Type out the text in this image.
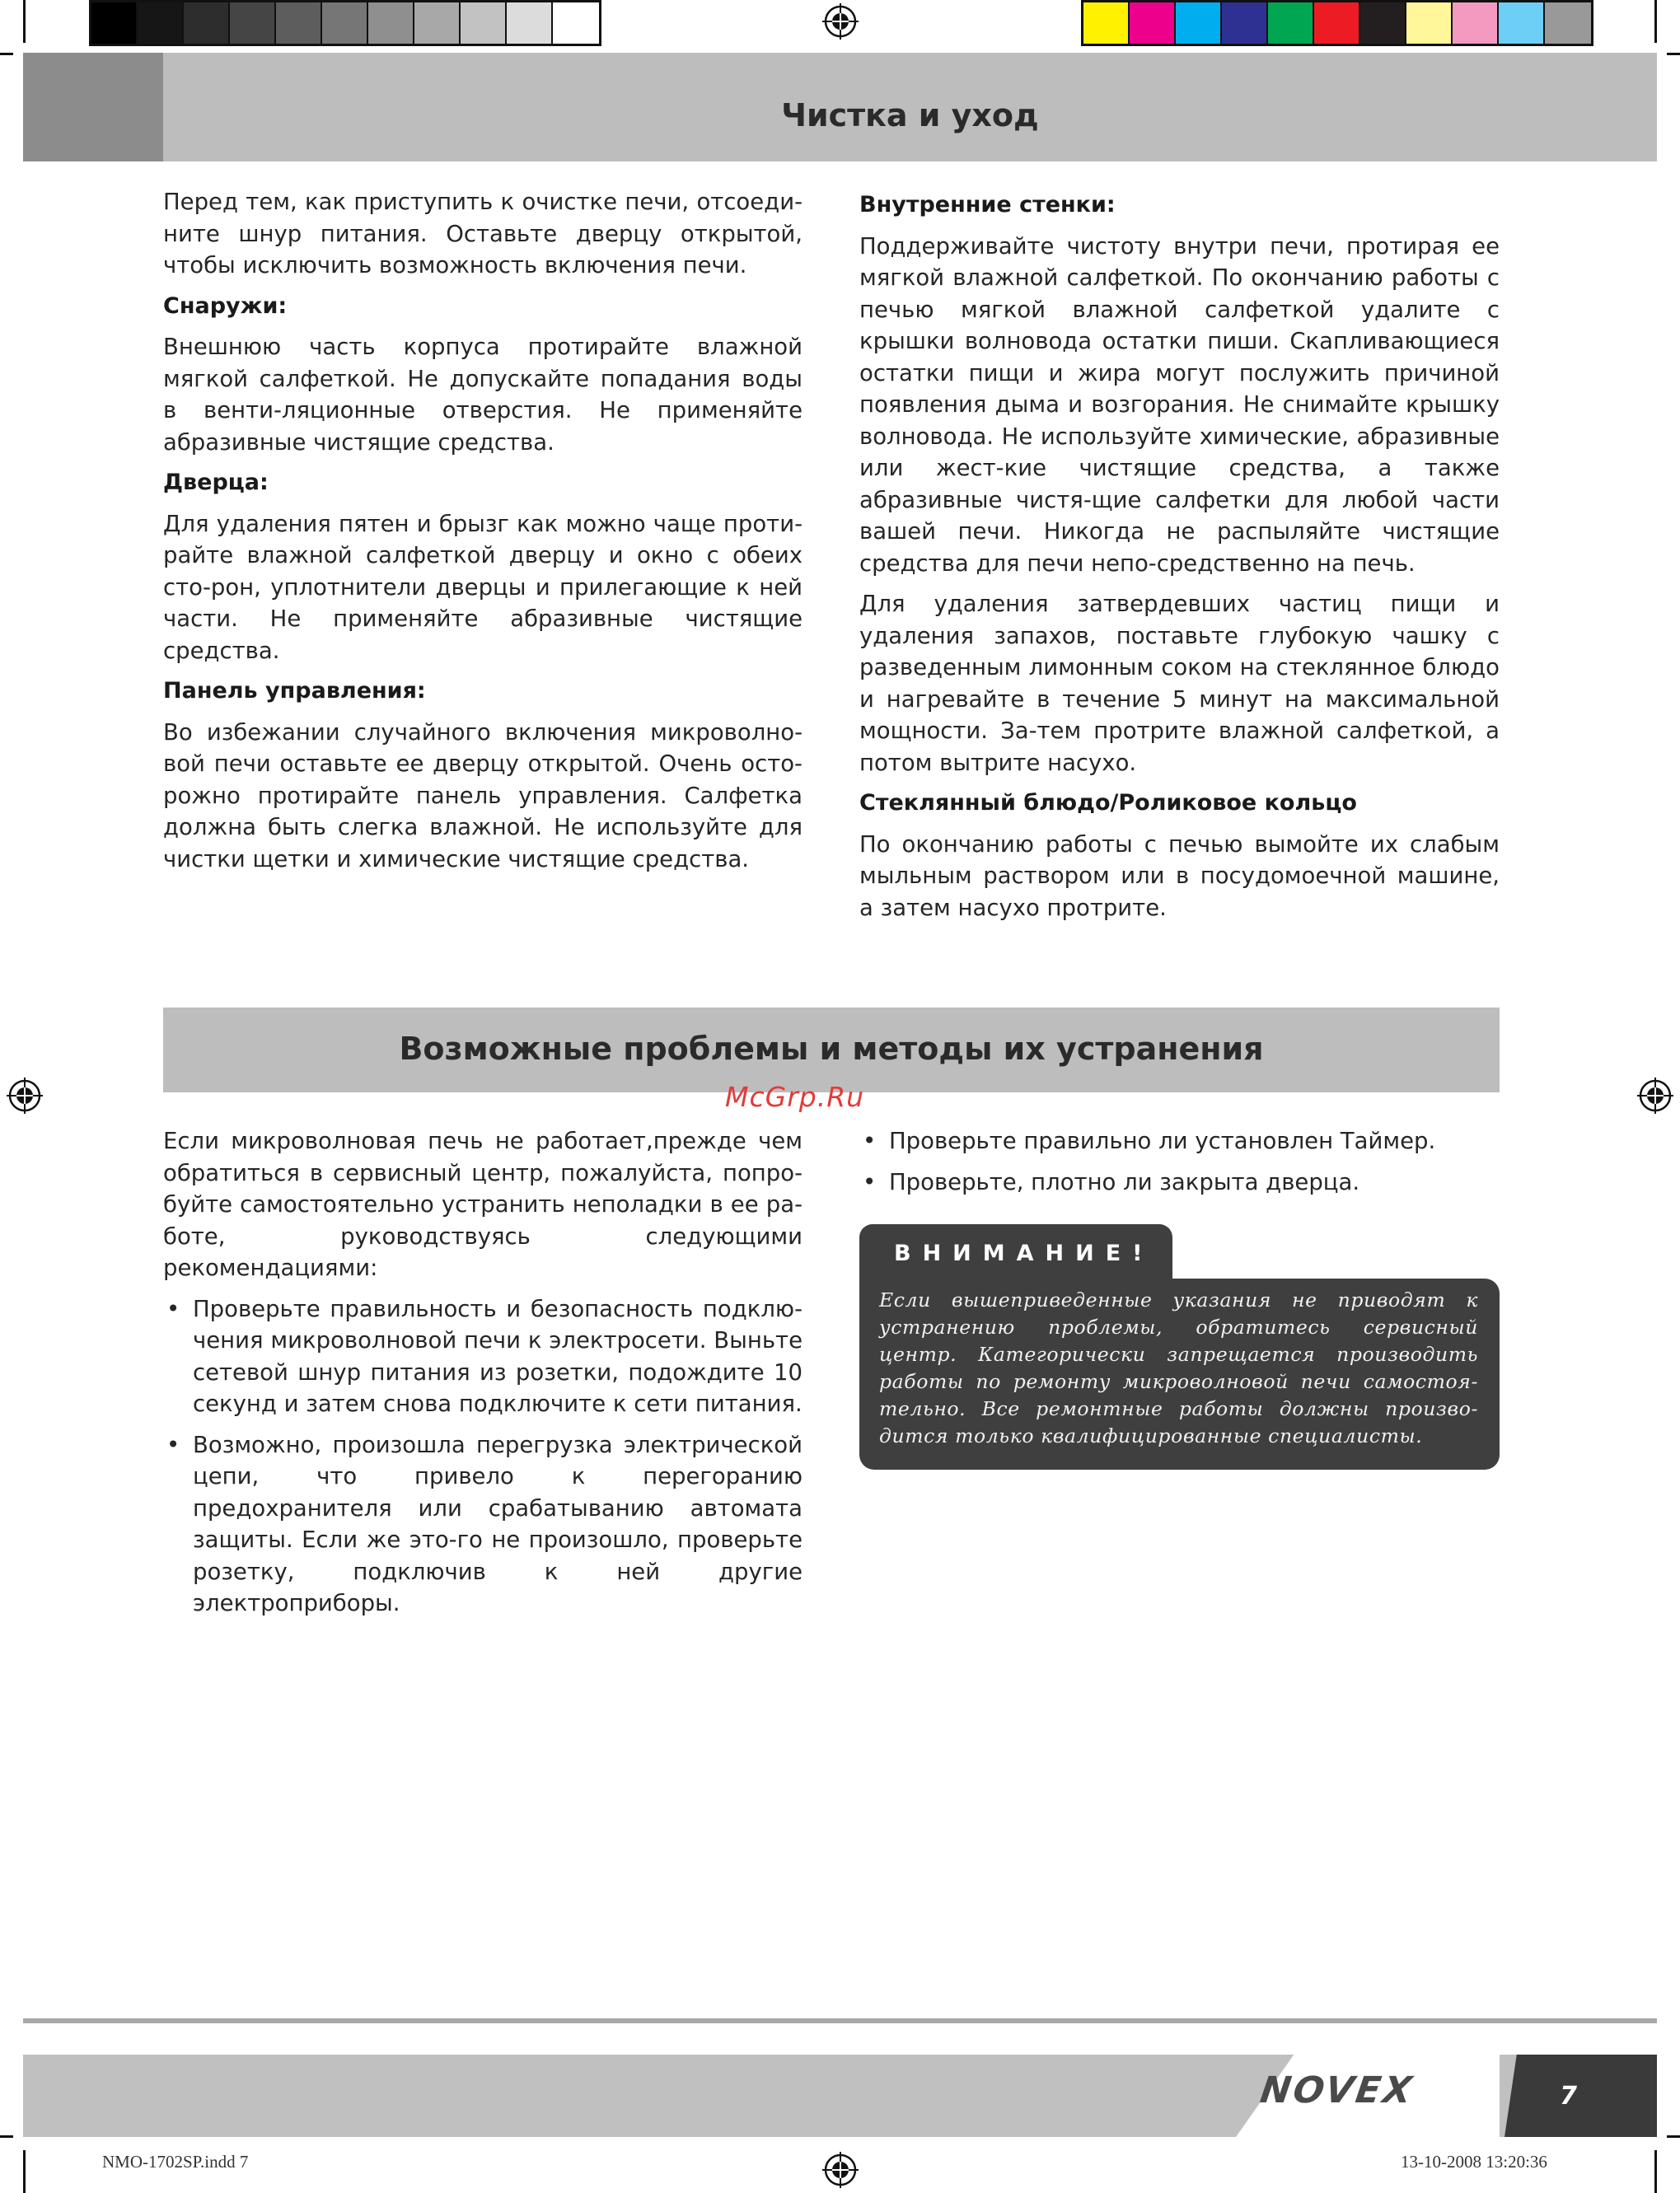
Чистка и уход

Перед тем, как приступить к очистке печи, отсоеди-ните шнур питания. Оставьте дверцу открытой, чтобы исключить возможность включения печи.

Снаружи:

Внешнюю часть корпуса протирайте влажной мягкой салфеткой. Не допускайте попадания воды в венти-ляционные отверстия. Не применяйте абразивные чистящие средства.

Дверца:

Для удаления пятен и брызг как можно чаще проти-райте влажной салфеткой дверцу и окно с обеих сто-рон, уплотнители дверцы и прилегающие к ней части. Не применяйте абразивные чистящие средства.

Панель управления:

Во избежании случайного включения микроволно-вой печи оставьте ее дверцу открытой. Очень осто-рожно протирайте панель управления. Салфетка должна быть слегка влажной. Не используйте для чистки щетки и химические чистящие средства.

Внутренние стенки:

Поддерживайте чистоту внутри печи, протирая ее мягкой влажной салфеткой. По окончанию работы с печью мягкой влажной салфеткой удалите с крышки волновода остатки пиши. Скапливающиеся остатки пищи и жира могут послужить причиной появления дыма и возгорания. Не снимайте крышку волновода. Не используйте химические, абразивные или жест-кие чистящие средства, а также абразивные чистя-щие салфетки для любой части вашей печи. Никогда не распыляйте чистящие средства для печи непо-средственно на печь.

Для удаления затвердевших частиц пищи и удаления запахов, поставьте глубокую чашку с разведенным лимонным соком на стеклянное блюдо и нагревайте в течение 5 минут на максимальной мощности. За-тем протрите влажной салфеткой, а потом вытрите насухо.

Стеклянный блюдо/Роликовое кольцо

По окончанию работы с печью вымойте их слабым мыльным раствором или в посудомоечной машине, а затем насухо протрите.

Возможные проблемы и методы их устранения
McGrp.Ru

Если микроволновая печь не работает,прежде чем обратиться в сервисный центр, пожалуйста, попро-буйте самостоятельно устранить неполадки в ее ра-боте, руководствуясь следующими рекомендациями:

• Проверьте правильность и безопасность подклю-чения микроволновой печи к электросети. Выньте сетевой шнур питания из розетки, подождите 10 секунд и затем снова подключите к сети питания.
• Возможно, произошла перегрузка электрической цепи, что привело к перегоранию предохранителя или срабатыванию автомата защиты. Если же это-го не произошло, проверьте розетку, подключив к ней другие электроприборы.
• Проверьте правильно ли установлен Таймер.
• Проверьте, плотно ли закрыта дверца.
ВНИМАНИЕ!
Если вышеприведенные указания не приводят к устранению проблемы, обратитесь сервисный центр. Категорически запрещается производить работы по ремонту микроволновой печи самостоя-тельно. Все ремонтные работы должны произво-дится только квалифицированные специалисты.
NOVEX	7
NMO-1702SP.indd 7	13-10-2008 13:20:36
